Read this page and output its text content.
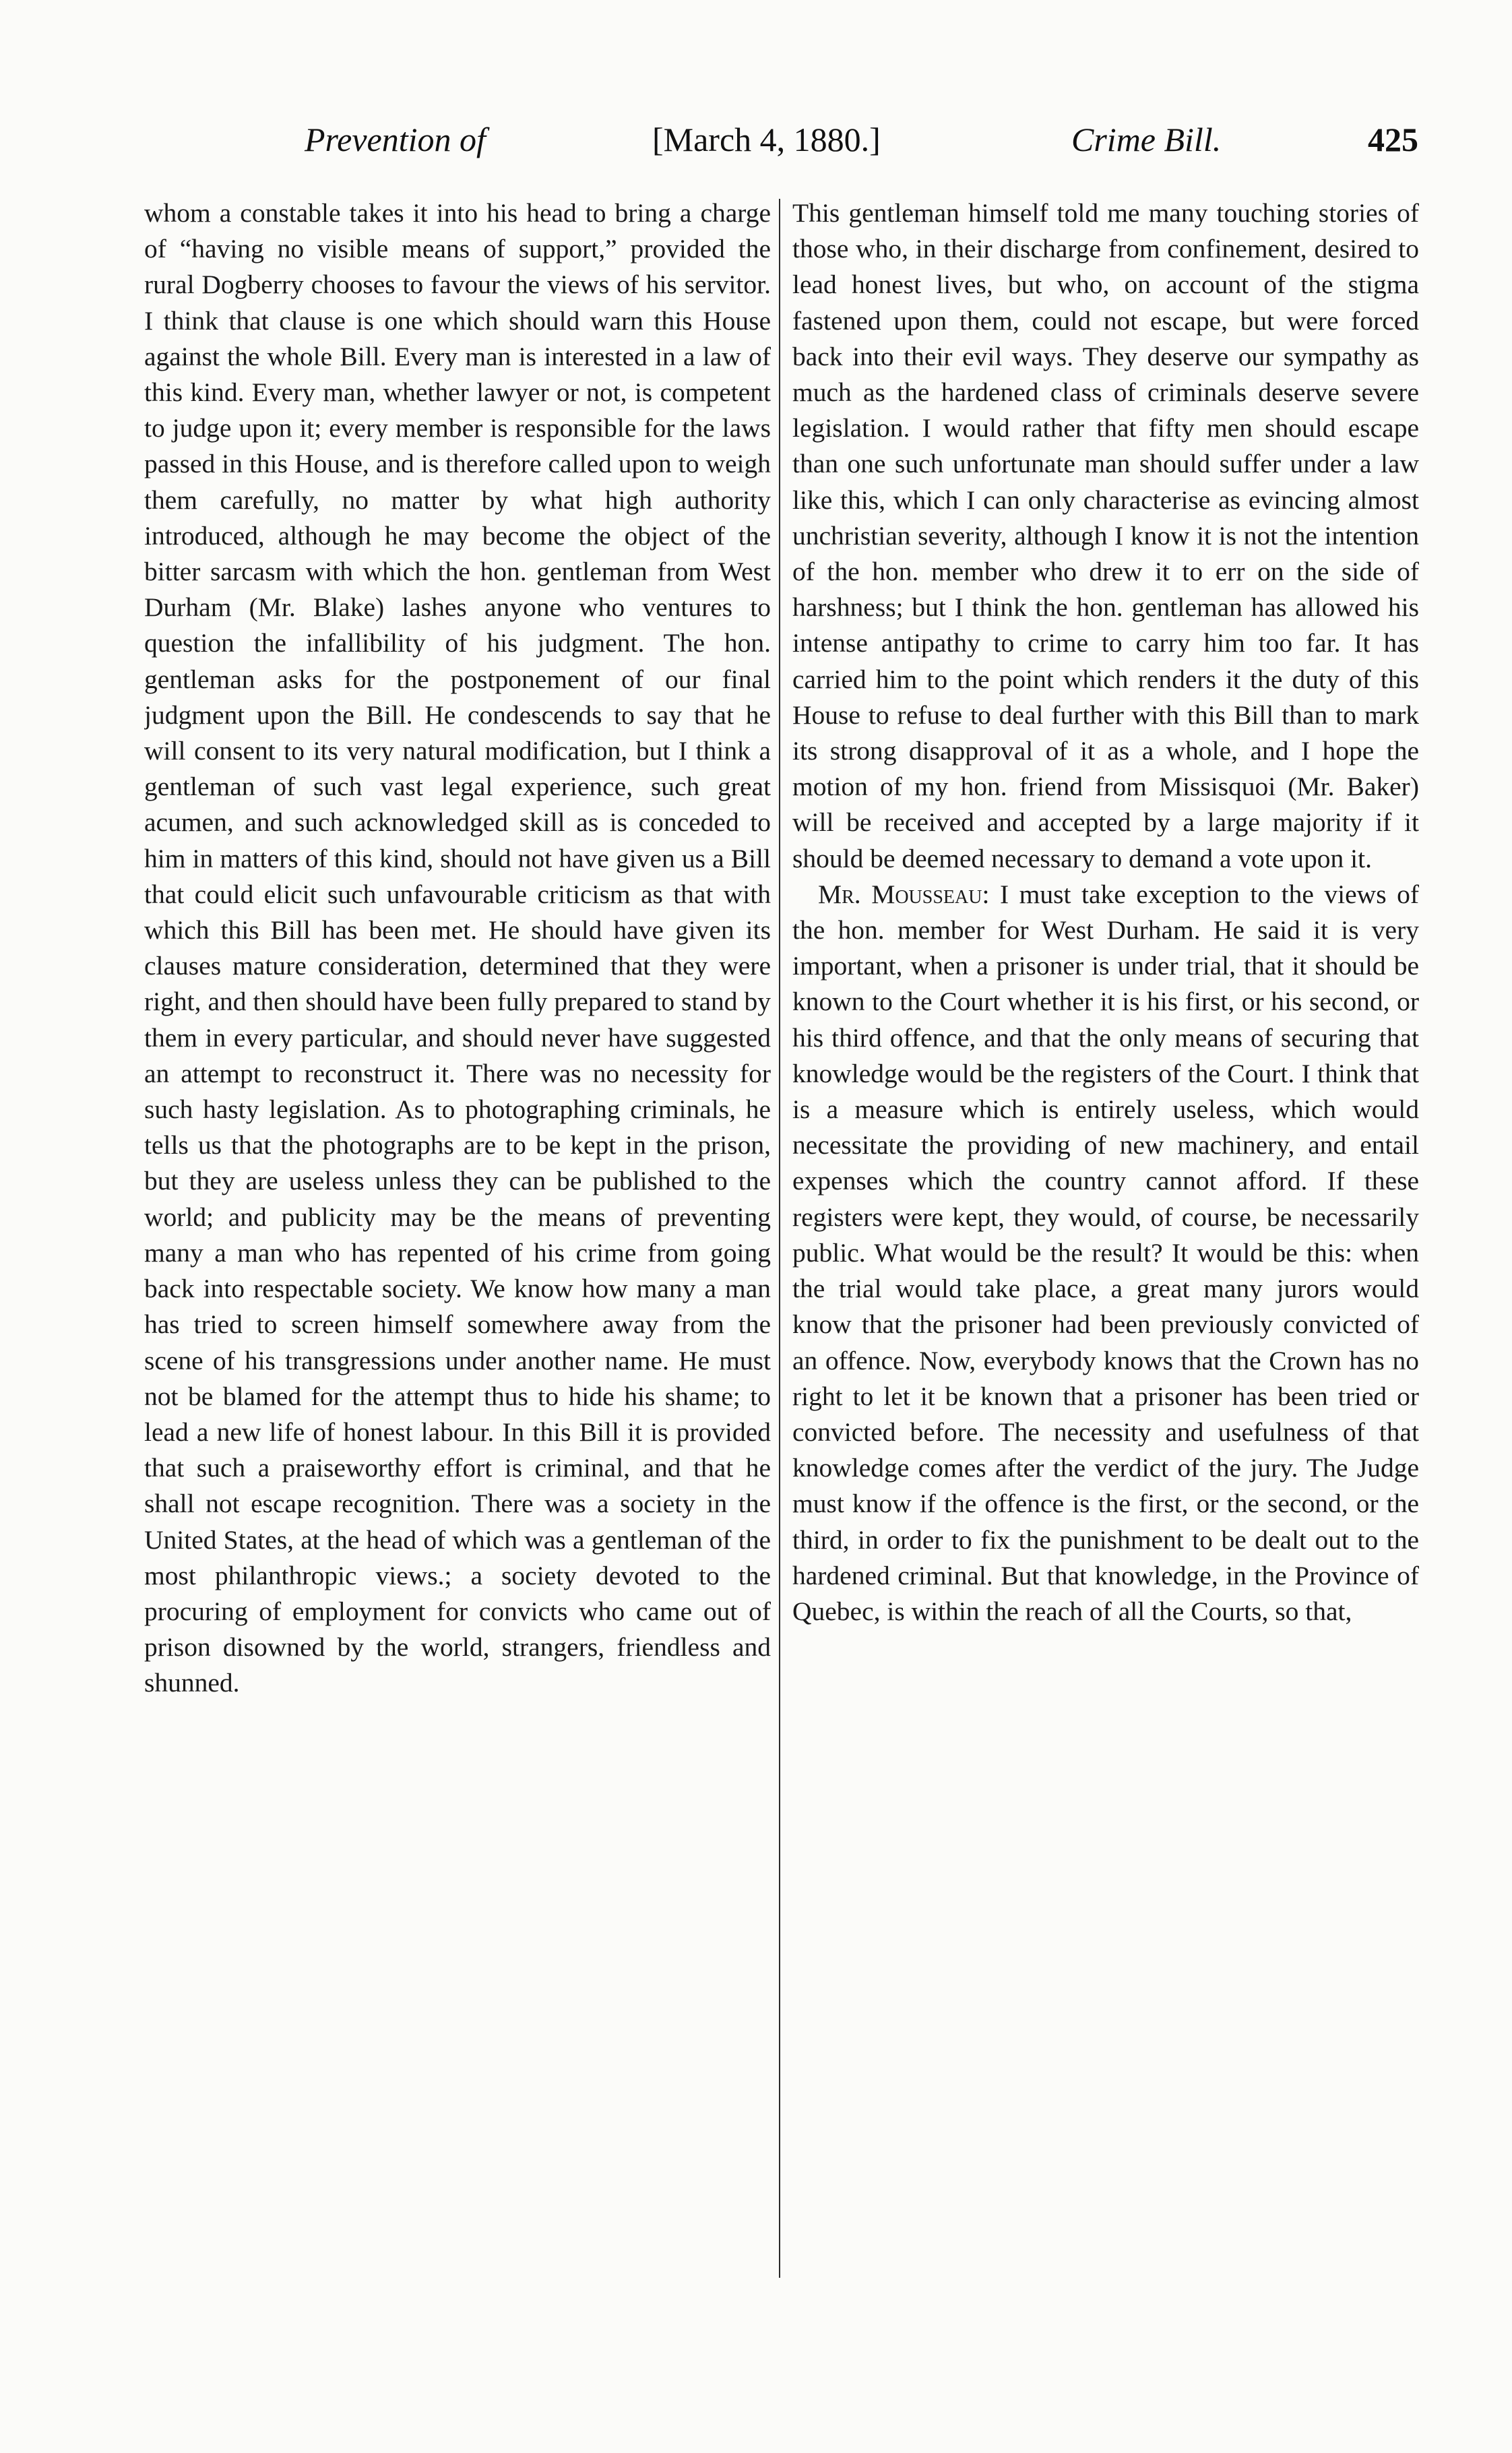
Prevention of	[March 4, 1880.]	Crime Bill.	425

whom a constable takes it into his head to bring a charge of “having no visible means of support,” provided the rural Dogberry chooses to favour the views of his servitor. I think that clause is one which should warn this House against the whole Bill. Every man is interested in a law of this kind. Every man, whether lawyer or not, is competent to judge upon it; every member is responsible for the laws passed in this House, and is therefore called upon to weigh them carefully, no matter by what high authority introduced, although he may become the object of the bitter sarcasm with which the hon. gentleman from West Durham (Mr. Blake) lashes anyone who ventures to question the infallibility of his judgment. The hon. gentleman asks for the postponement of our final judgment upon the Bill. He condescends to say that he will consent to its very natural modification, but I think a gentleman of such vast legal experience, such great acumen, and such acknowledged skill as is conceded to him in matters of this kind, should not have given us a Bill that could elicit such unfavourable criticism as that with which this Bill has been met. He should have given its clauses mature consideration, determined that they were right, and then should have been fully prepared to stand by them in every particular, and should never have suggested an attempt to reconstruct it. There was no necessity for such hasty legislation. As to photographing criminals, he tells us that the photographs are to be kept in the prison, but they are useless unless they can be published to the world; and publicity may be the means of preventing many a man who has repented of his crime from going back into respectable society. We know how many a man has tried to screen himself somewhere away from the scene of his transgressions under another name. He must not be blamed for the attempt thus to hide his shame; to lead a new life of honest labour. In this Bill it is provided that such a praiseworthy effort is criminal, and that he shall not escape recognition. There was a society in the United States, at the head of which was a gentleman of the most philanthropic views.; a society devoted to the procuring of employment for convicts who came out of prison disowned by the world, strangers, friendless and shunned.

This gentleman himself told me many touching stories of those who, in their discharge from confinement, desired to lead honest lives, but who, on account of the stigma fastened upon them, could not escape, but were forced back into their evil ways. They deserve our sympathy as much as the hardened class of criminals deserve severe legislation. I would rather that fifty men should escape than one such unfortunate man should suffer under a law like this, which I can only characterise as evincing almost unchristian severity, although I know it is not the intention of the hon. member who drew it to err on the side of harshness; but I think the hon. gentleman has allowed his intense antipathy to crime to carry him too far. It has carried him to the point which renders it the duty of this House to refuse to deal further with this Bill than to mark its strong disapproval of it as a whole, and I hope the motion of my hon. friend from Missisquoi (Mr. Baker) will be received and accepted by a large majority if it should be deemed necessary to demand a vote upon it.

Mr. Mousseau: I must take exception to the views of the hon. member for West Durham. He said it is very important, when a prisoner is under trial, that it should be known to the Court whether it is his first, or his second, or his third offence, and that the only means of securing that knowledge would be the registers of the Court. I think that is a measure which is entirely useless, which would necessitate the providing of new machinery, and entail expenses which the country cannot afford. If these registers were kept, they would, of course, be necessarily public. What would be the result? It would be this: when the trial would take place, a great many jurors would know that the prisoner had been previously convicted of an offence. Now, everybody knows that the Crown has no right to let it be known that a prisoner has been tried or convicted before. The necessity and usefulness of that knowledge comes after the verdict of the jury. The Judge must know if the offence is the first, or the second, or the third, in order to fix the punishment to be dealt out to the hardened criminal. But that knowledge, in the Province of Quebec, is within the reach of all the Courts, so that,
